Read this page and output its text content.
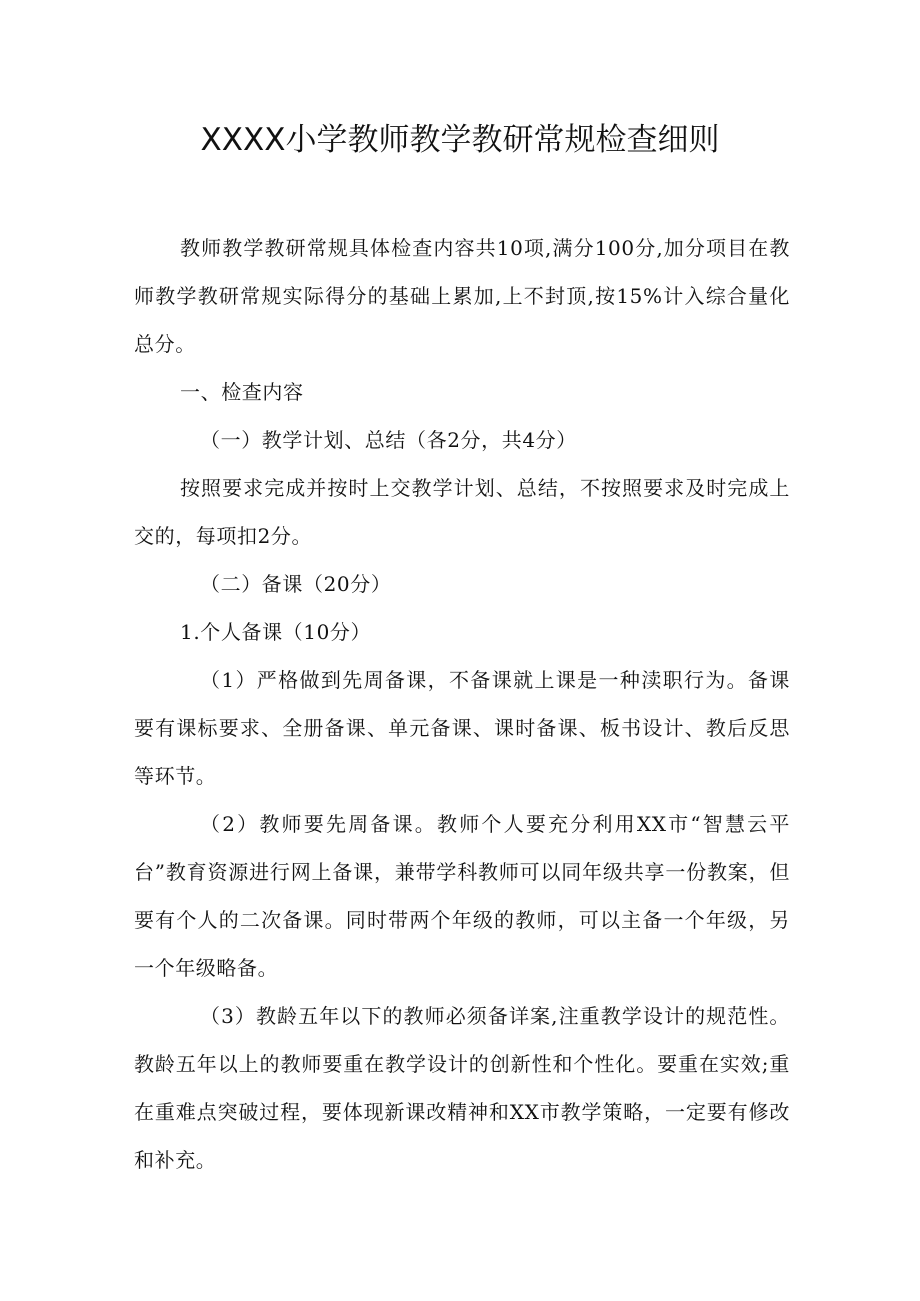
XXXX小学教师教学教研常规检查细则

教师教学教研常规具体检查内容共10项,满分100分,加分项目在教师教学教研常规实际得分的基础上累加,上不封顶,按15%计入综合量化总分。

一、检查内容

（一）教学计划、总结（各2分，共4分）

按照要求完成并按时上交教学计划、总结，不按照要求及时完成上交的，每项扣2分。

（二）备课（20分）

1.个人备课（10分）

（1）严格做到先周备课，不备课就上课是一种渎职行为。备课要有课标要求、全册备课、单元备课、课时备课、板书设计、教后反思等环节。

（2）教师要先周备课。教师个人要充分利用XX市“智慧云平台”教育资源进行网上备课，兼带学科教师可以同年级共享一份教案，但要有个人的二次备课。同时带两个年级的教师，可以主备一个年级，另一个年级略备。

（3）教龄五年以下的教师必须备详案,注重教学设计的规范性。教龄五年以上的教师要重在教学设计的创新性和个性化。要重在实效;重在重难点突破过程，要体现新课改精神和XX市教学策略，一定要有修改和补充。
